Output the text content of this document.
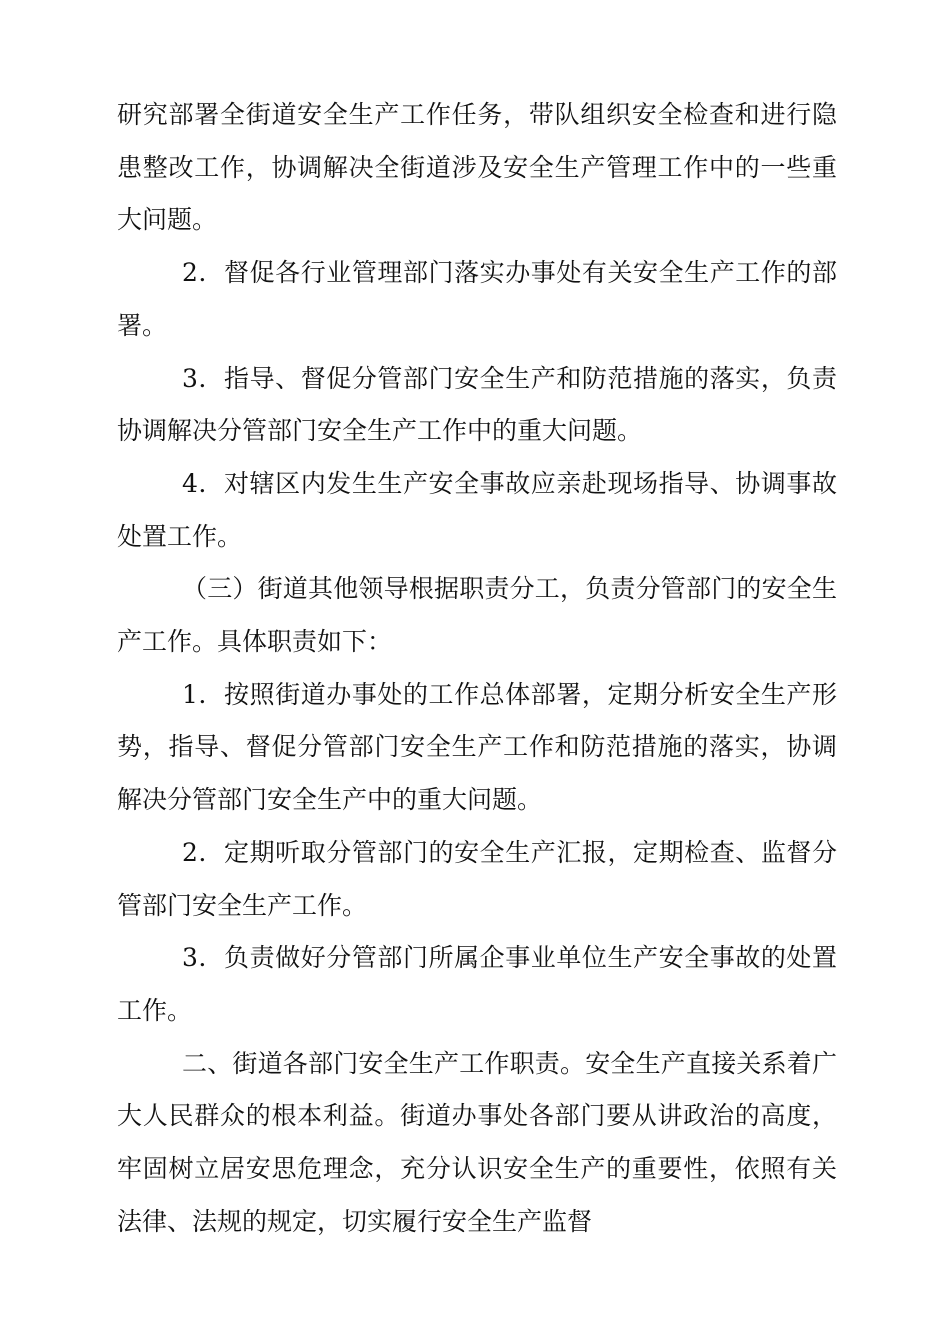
研究部署全街道安全生产工作任务，带队组织安全检查和进行隐患整改工作，协调解决全街道涉及安全生产管理工作中的一些重大问题。

2．督促各行业管理部门落实办事处有关安全生产工作的部署。

3．指导、督促分管部门安全生产和防范措施的落实，负责协调解决分管部门安全生产工作中的重大问题。

4．对辖区内发生生产安全事故应亲赴现场指导、协调事故处置工作。

（三）街道其他领导根据职责分工，负责分管部门的安全生产工作。具体职责如下：

1．按照街道办事处的工作总体部署，定期分析安全生产形势，指导、督促分管部门安全生产工作和防范措施的落实，协调解决分管部门安全生产中的重大问题。

2．定期听取分管部门的安全生产汇报，定期检查、监督分管部门安全生产工作。

3．负责做好分管部门所属企事业单位生产安全事故的处置工作。

二、街道各部门安全生产工作职责。安全生产直接关系着广大人民群众的根本利益。街道办事处各部门要从讲政治的高度，牢固树立居安思危理念，充分认识安全生产的重要性，依照有关法律、法规的规定，切实履行安全生产监督
